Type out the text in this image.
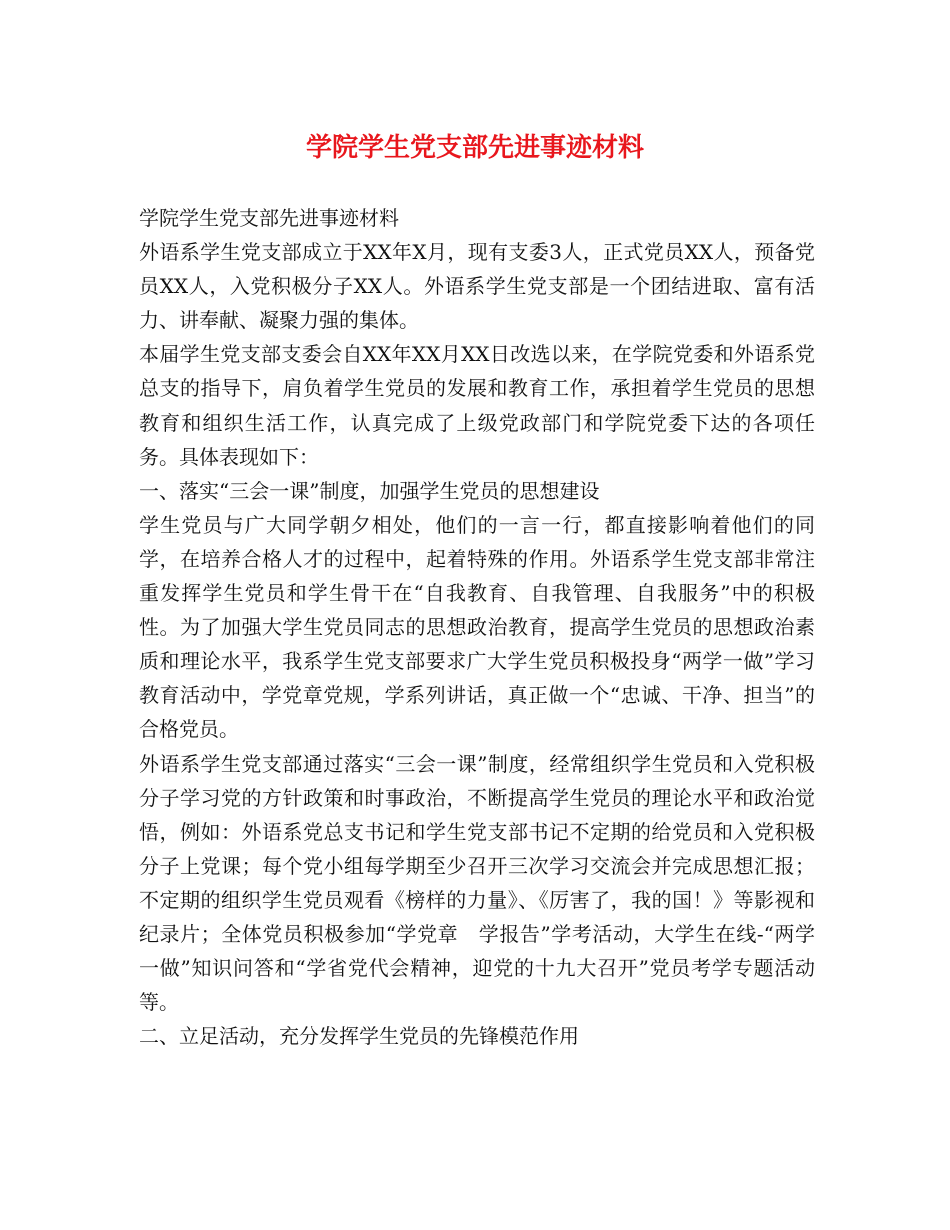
学院学生党支部先进事迹材料

学院学生党支部先进事迹材料

外语系学生党支部成立于XX年X月，现有支委3人，正式党员XX人，预备党员XX人，入党积极分子XX人。外语系学生党支部是一个团结进取、富有活力、讲奉献、凝聚力强的集体。

本届学生党支部支委会自XX年XX月XX日改选以来，在学院党委和外语系党总支的指导下，肩负着学生党员的发展和教育工作，承担着学生党员的思想教育和组织生活工作，认真完成了上级党政部门和学院党委下达的各项任务。具体表现如下：

一、落实“三会一课”制度，加强学生党员的思想建设

学生党员与广大同学朝夕相处，他们的一言一行，都直接影响着他们的同学，在培养合格人才的过程中，起着特殊的作用。外语系学生党支部非常注重发挥学生党员和学生骨干在“自我教育、自我管理、自我服务”中的积极性。为了加强大学生党员同志的思想政治教育，提高学生党员的思想政治素质和理论水平，我系学生党支部要求广大学生党员积极投身“两学一做”学习教育活动中，学党章党规，学系列讲话，真正做一个“忠诚、干净、担当”的合格党员。

外语系学生党支部通过落实“三会一课”制度，经常组织学生党员和入党积极分子学习党的方针政策和时事政治，不断提高学生党员的理论水平和政治觉悟，例如：外语系党总支书记和学生党支部书记不定期的给党员和入党积极分子上党课；每个党小组每学期至少召开三次学习交流会并完成思想汇报；不定期的组织学生党员观看《榜样的力量》、《厉害了，我的国！》等影视和纪录片；全体党员积极参加“学党章　学报告”学考活动，大学生在线-“两学一做”知识问答和“学省党代会精神，迎党的十九大召开”党员考学专题活动等。

二、立足活动，充分发挥学生党员的先锋模范作用
